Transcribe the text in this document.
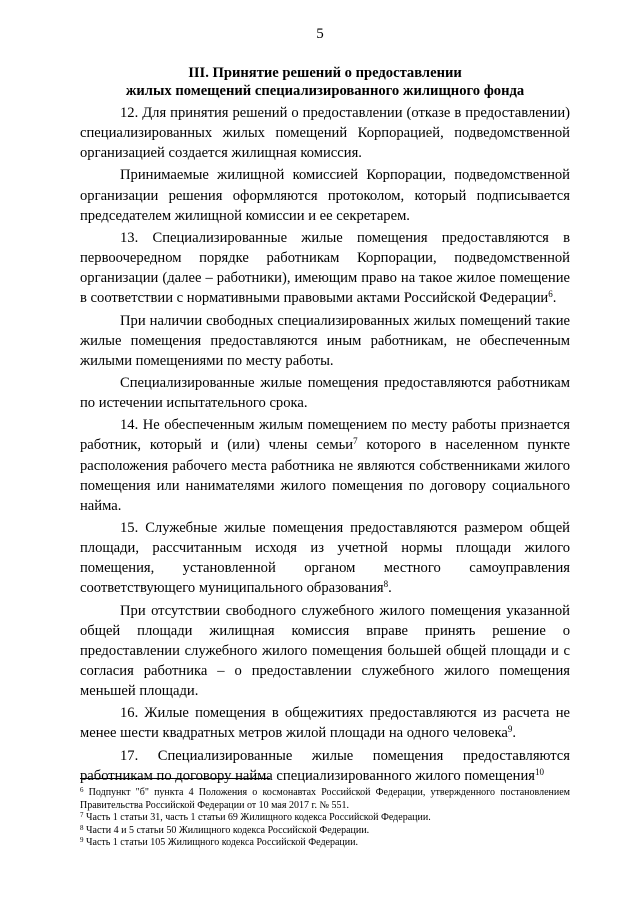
5
III. Принятие решений о предоставлении
жилых помещений специализированного жилищного фонда

12. Для принятия решений о предоставлении (отказе в предоставлении) специализированных жилых помещений Корпорацией, подведомственной организацией создается жилищная комиссия.

Принимаемые жилищной комиссией Корпорации, подведомственной организации решения оформляются протоколом, который подписывается председателем жилищной комиссии и ее секретарем.

13. Специализированные жилые помещения предоставляются в первоочередном порядке работникам Корпорации, подведомственной организации (далее – работники), имеющим право на такое жилое помещение в соответствии с нормативными правовыми актами Российской Федерации$^6$.

При наличии свободных специализированных жилых помещений такие жилые помещения предоставляются иным работникам, не обеспеченным жилыми помещениями по месту работы.

Специализированные жилые помещения предоставляются работникам по истечении испытательного срока.

14. Не обеспеченным жилым помещением по месту работы признается работник, который и (или) члены семьи$^7$ которого в населенном пункте расположения рабочего места работника не являются собственниками жилого помещения или нанимателями жилого помещения по договору социального найма.

15. Служебные жилые помещения предоставляются размером общей площади, рассчитанным исходя из учетной нормы площади жилого помещения, установленной органом местного самоуправления соответствующего муниципального образования$^8$.

При отсутствии свободного служебного жилого помещения указанной общей площади жилищная комиссия вправе принять решение о предоставлении служебного жилого помещения большей общей площади и с согласия работника – о предоставлении служебного жилого помещения меньшей площади.

16. Жилые помещения в общежитиях предоставляются из расчета не менее шести квадратных метров жилой площади на одного человека$^9$.

17. Специализированные жилые помещения предоставляются работникам по договору найма специализированного жилого помещения$^{10}$

$^6$ Подпункт "б" пункта 4 Положения о космонавтах Российской Федерации, утвержденного постановлением Правительства Российской Федерации от 10 мая 2017 г. № 551.

$^7$ Часть 1 статьи 31, часть 1 статьи 69 Жилищного кодекса Российской Федерации.

$^8$ Части 4 и 5 статьи 50 Жилищного кодекса Российской Федерации.

$^9$ Часть 1 статьи 105 Жилищного кодекса Российской Федерации.
